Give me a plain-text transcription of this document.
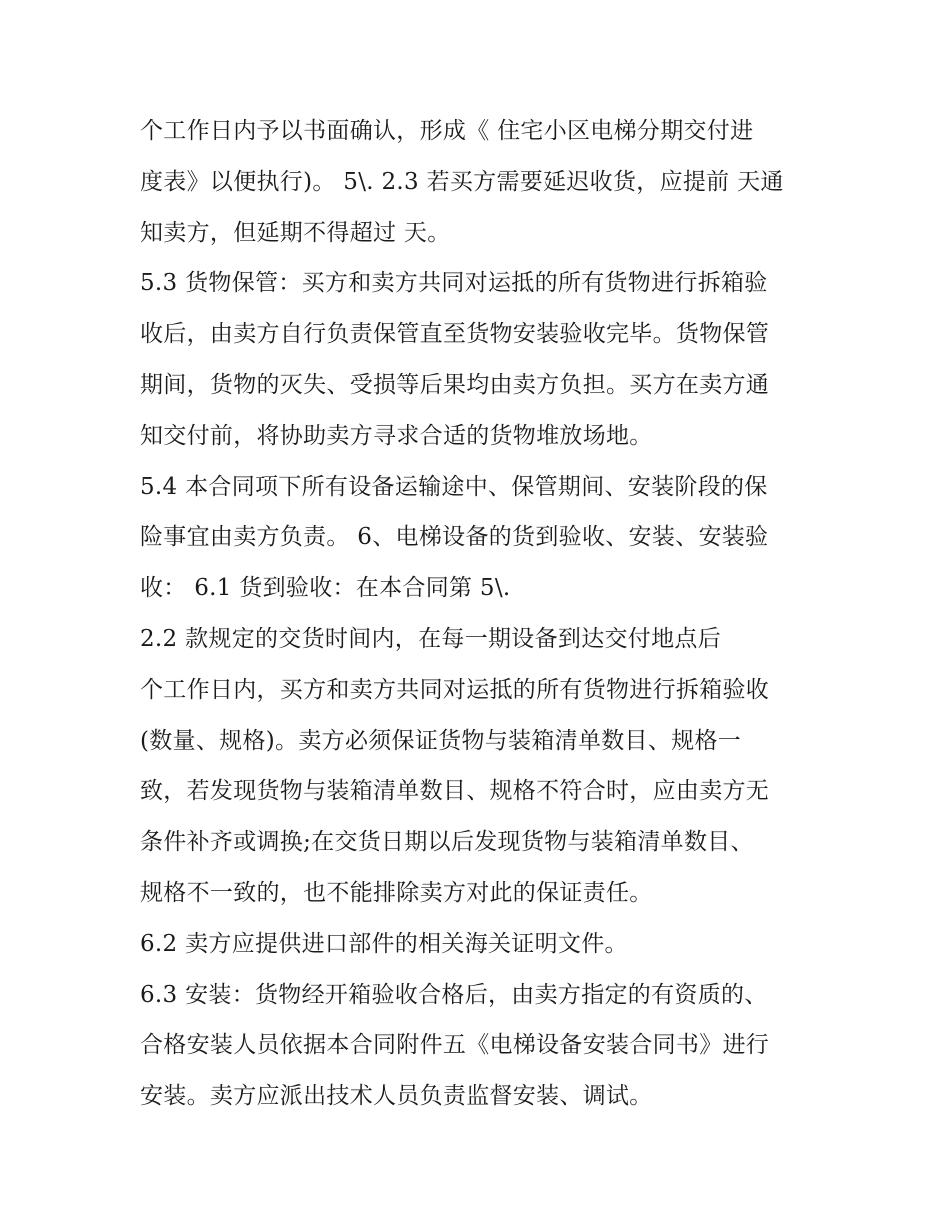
个工作日内予以书面确认，形成《 住宅小区电梯分期交付进
度表》以便执行)。 5\. 2.3 若买方需要延迟收货，应提前 天通
知卖方，但延期不得超过 天。
5.3 货物保管：买方和卖方共同对运抵的所有货物进行拆箱验
收后，由卖方自行负责保管直至货物安装验收完毕。货物保管
期间，货物的灭失、受损等后果均由卖方负担。买方在卖方通
知交付前，将协助卖方寻求合适的货物堆放场地。
5.4 本合同项下所有设备运输途中、保管期间、安装阶段的保
险事宜由卖方负责。 6、电梯设备的货到验收、安装、安装验
收： 6.1 货到验收：在本合同第 5\.
2.2 款规定的交货时间内，在每一期设备到达交付地点后
个工作日内，买方和卖方共同对运抵的所有货物进行拆箱验收
(数量、规格)。卖方必须保证货物与装箱清单数目、规格一
致，若发现货物与装箱清单数目、规格不符合时，应由卖方无
条件补齐或调换;在交货日期以后发现货物与装箱清单数目、
规格不一致的，也不能排除卖方对此的保证责任。
6.2 卖方应提供进口部件的相关海关证明文件。
6.3 安装：货物经开箱验收合格后，由卖方指定的有资质的、
合格安装人员依据本合同附件五《电梯设备安装合同书》进行
安装。卖方应派出技术人员负责监督安装、调试。
